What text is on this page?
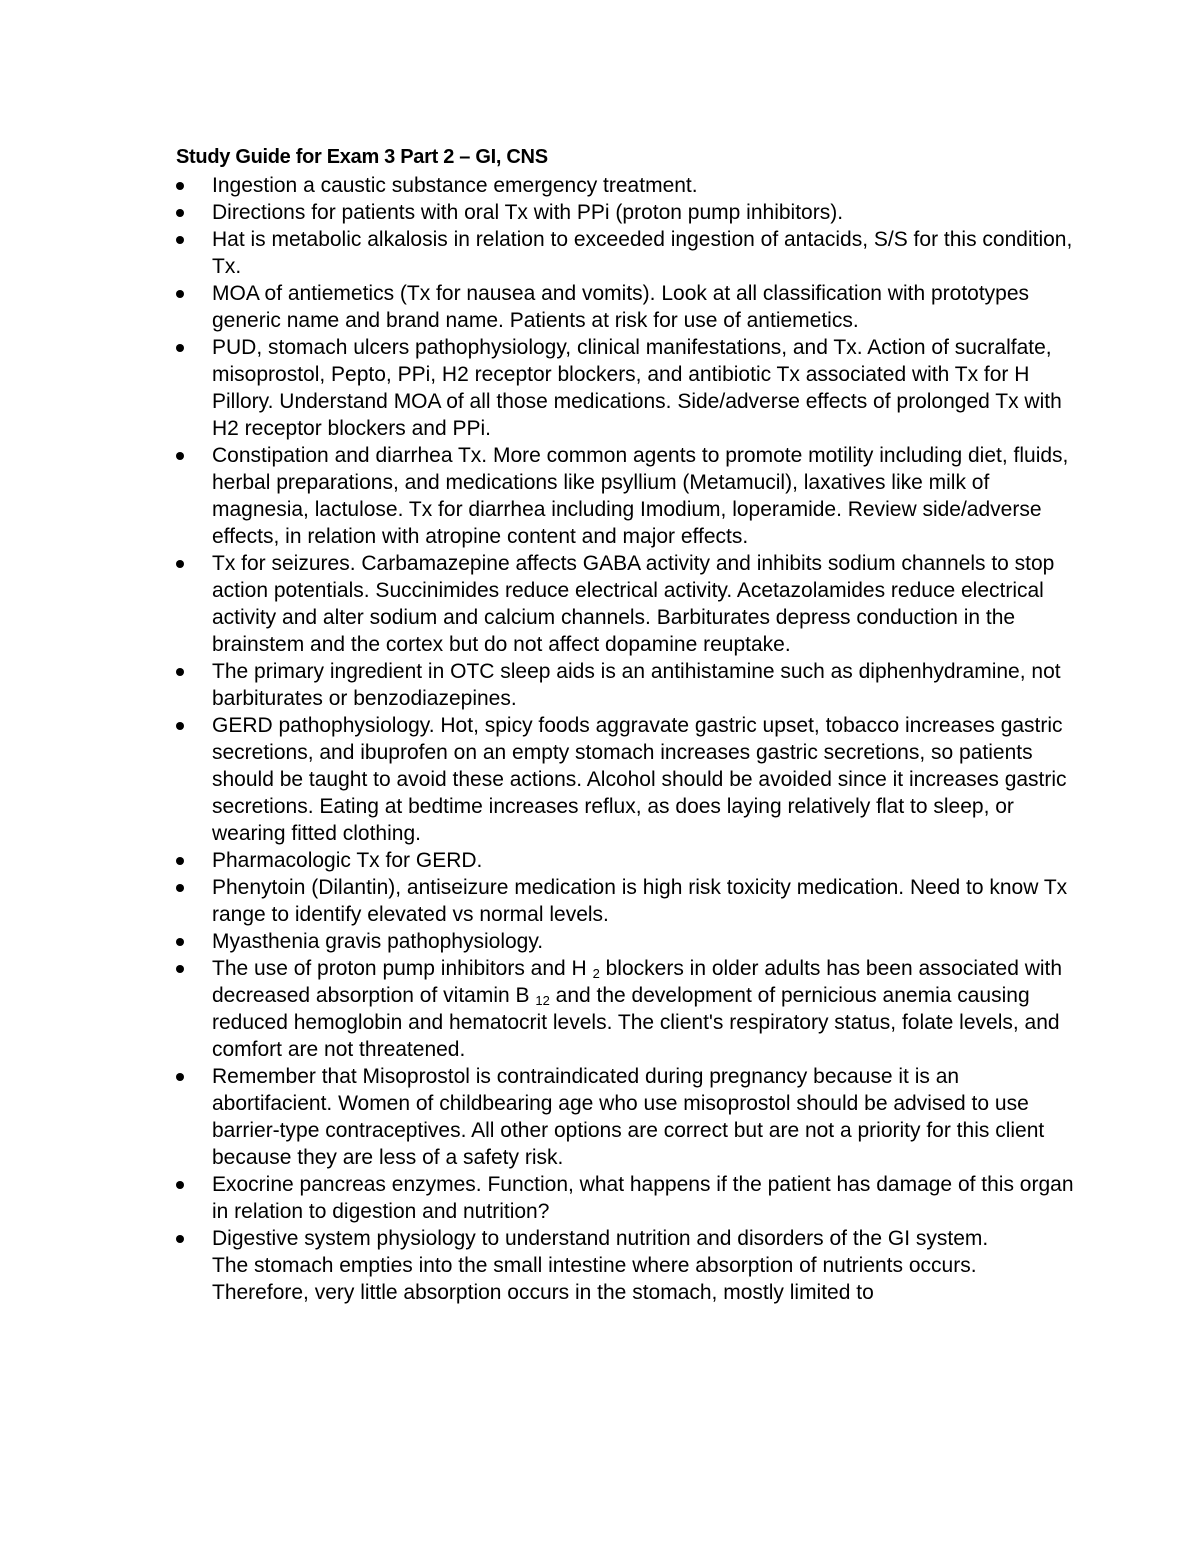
Study Guide for Exam 3 Part 2 – GI, CNS
Ingestion a caustic substance emergency treatment.
Directions for patients with oral Tx with PPi (proton pump inhibitors).
Hat is metabolic alkalosis in relation to exceeded ingestion of antacids, S/S for this condition, Tx.
MOA of antiemetics (Tx for nausea and vomits). Look at all classification with prototypes generic name and brand name. Patients at risk for use of antiemetics.
PUD, stomach ulcers pathophysiology, clinical manifestations, and Tx. Action of sucralfate, misoprostol, Pepto, PPi, H2 receptor blockers, and antibiotic Tx associated with Tx for H Pillory. Understand MOA of all those medications. Side/adverse effects of prolonged Tx with H2 receptor blockers and PPi.
Constipation and diarrhea Tx. More common agents to promote motility including diet, fluids, herbal preparations, and medications like psyllium (Metamucil), laxatives like milk of magnesia, lactulose. Tx for diarrhea including Imodium, loperamide. Review side/adverse effects, in relation with atropine content and major effects.
Tx for seizures. Carbamazepine affects GABA activity and inhibits sodium channels to stop action potentials. Succinimides reduce electrical activity. Acetazolamides reduce electrical activity and alter sodium and calcium channels. Barbiturates depress conduction in the brainstem and the cortex but do not affect dopamine reuptake.
The primary ingredient in OTC sleep aids is an antihistamine such as diphenhydramine, not barbiturates or benzodiazepines.
GERD pathophysiology. Hot, spicy foods aggravate gastric upset, tobacco increases gastric secretions, and ibuprofen on an empty stomach increases gastric secretions, so patients should be taught to avoid these actions. Alcohol should be avoided since it increases gastric secretions. Eating at bedtime increases reflux, as does laying relatively flat to sleep, or wearing fitted clothing.
Pharmacologic Tx for GERD.
Phenytoin (Dilantin), antiseizure medication is high risk toxicity medication. Need to know Tx range to identify elevated vs normal levels.
Myasthenia gravis pathophysiology.
The use of proton pump inhibitors and H $_2$ blockers in older adults has been associated with decreased absorption of vitamin B $_{12}$ and the development of pernicious anemia causing reduced hemoglobin and hematocrit levels. The client's respiratory status, folate levels, and comfort are not threatened.
Remember that Misoprostol is contraindicated during pregnancy because it is an abortifacient. Women of childbearing age who use misoprostol should be advised to use barrier-type contraceptives. All other options are correct but are not a priority for this client because they are less of a safety risk.
Exocrine pancreas enzymes. Function, what happens if the patient has damage of this organ in relation to digestion and nutrition?
Digestive system physiology to understand nutrition and disorders of the GI system.
The stomach empties into the small intestine where absorption of nutrients occurs. Therefore, very little absorption occurs in the stomach, mostly limited to
